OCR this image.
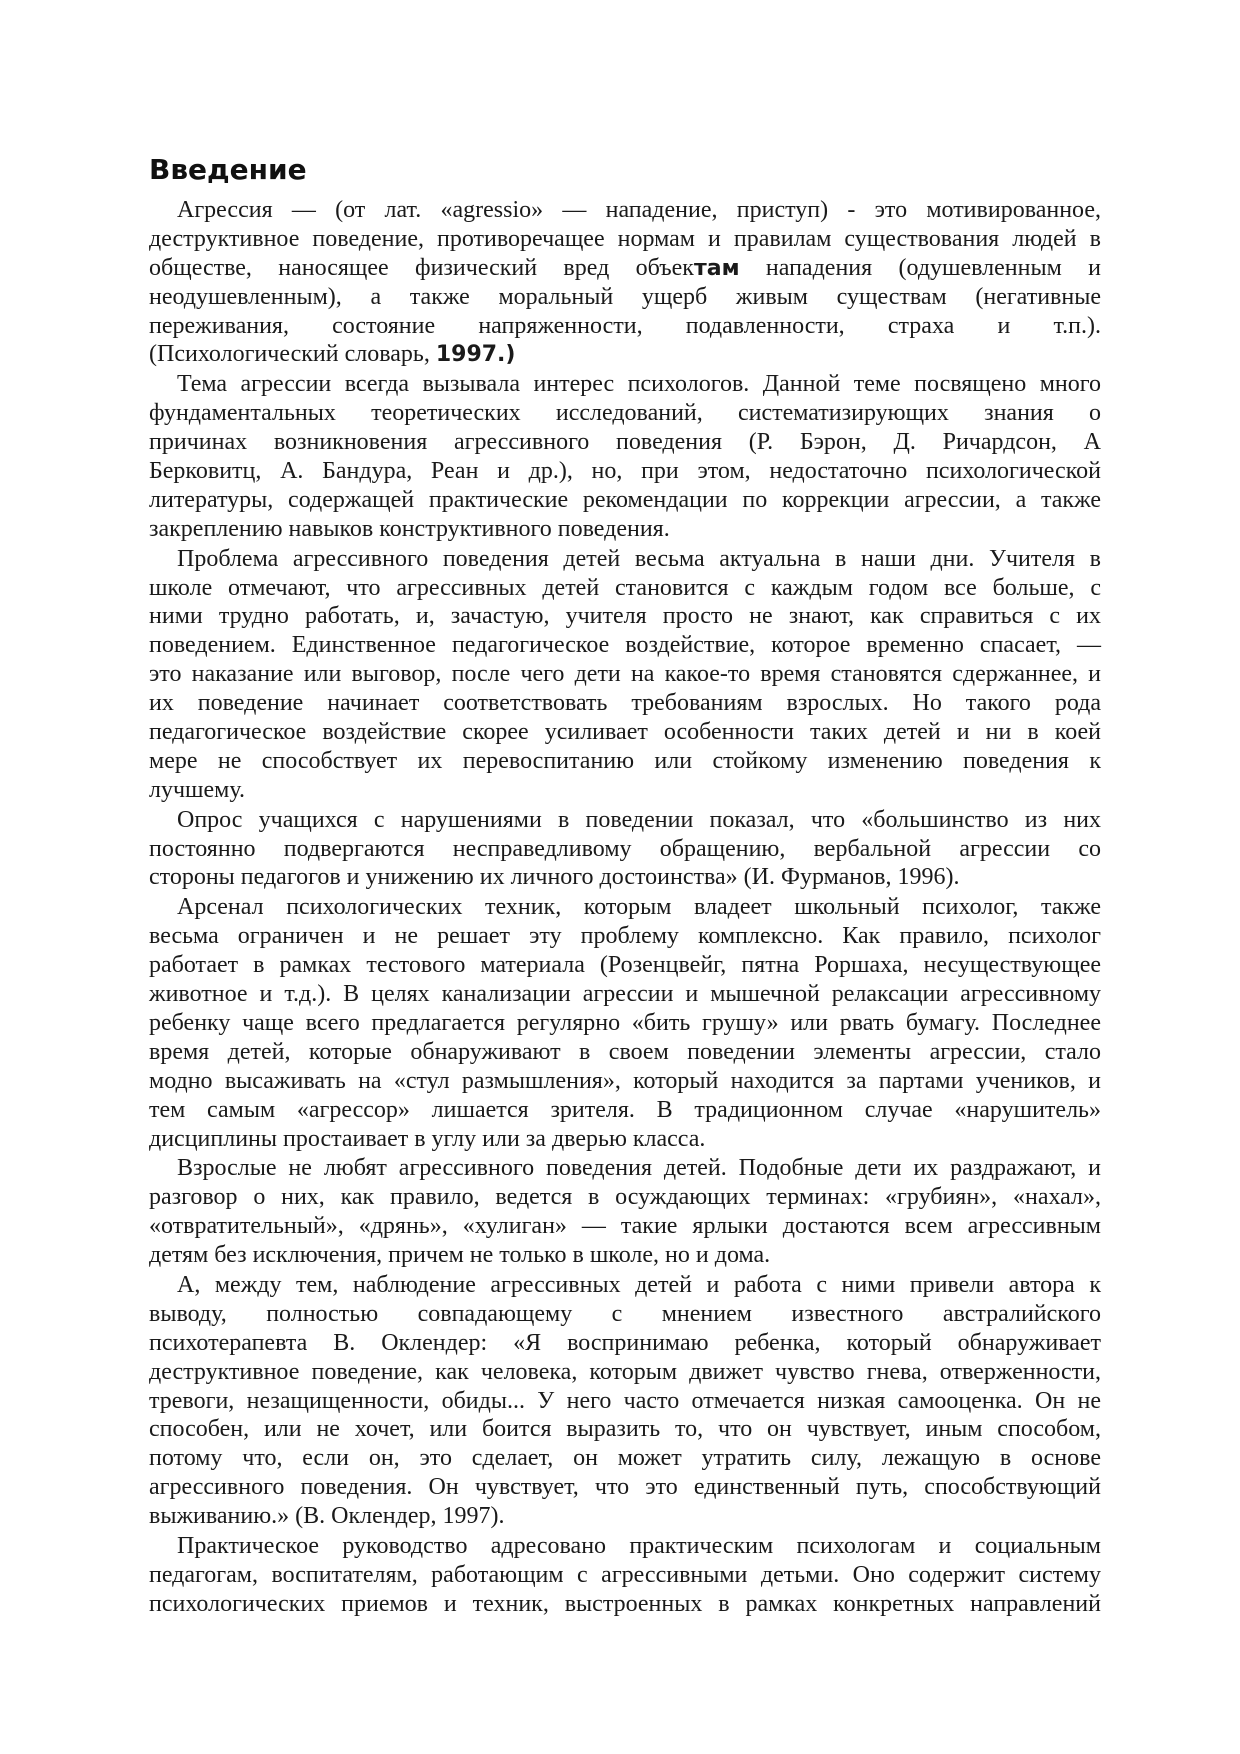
Введение
Агрессия — (от лат. «agressio» — нападение, приступ) - это мотивированное,
деструктивное поведение, противоречащее нормам и правилам существования людей в
обществе, наносящее физический вред объектам нападения (одушевленным и
неодушевленным), а также моральный ущерб живым существам (негативные
переживания, состояние напряженности, подавленности, страха и т.п.).
(Психологический словарь, 1997.)
Тема агрессии всегда вызывала интерес психологов. Данной теме посвящено много
фундаментальных теоретических исследований, систематизирующих знания о
причинах возникновения агрессивного поведения (Р. Бэрон, Д. Ричардсон, А
Берковитц, А. Бандура, Реан и др.), но, при этом, недостаточно психологической
литературы, содержащей практические рекомендации по коррекции агрессии, а также
закреплению навыков конструктивного поведения.
Проблема агрессивного поведения детей весьма актуальна в наши дни. Учителя в
школе отмечают, что агрессивных детей становится с каждым годом все больше, с
ними трудно работать, и, зачастую, учителя просто не знают, как справиться с их
поведением. Единственное педагогическое воздействие, которое временно спасает, —
это наказание или выговор, после чего дети на какое-то время становятся сдержаннее, и
их поведение начинает соответствовать требованиям взрослых. Но такого рода
педагогическое воздействие скорее усиливает особенности таких детей и ни в коей
мере не способствует их перевоспитанию или стойкому изменению поведения к
лучшему.
Опрос учащихся с нарушениями в поведении показал, что «большинство из них
постоянно подвергаются несправедливому обращению, вербальной агрессии со
стороны педагогов и унижению их личного достоинства» (И. Фурманов, 1996).
Арсенал психологических техник, которым владеет школьный психолог, также
весьма ограничен и не решает эту проблему комплексно. Как правило, психолог
работает в рамках тестового материала (Розенцвейг, пятна Роршаха, несуществующее
животное и т.д.). В целях канализации агрессии и мышечной релаксации агрессивному
ребенку чаще всего предлагается регулярно «бить грушу» или рвать бумагу. Последнее
время детей, которые обнаруживают в своем поведении элементы агрессии, стало
модно высаживать на «стул размышления», который находится за партами учеников, и
тем самым «агрессор» лишается зрителя. В традиционном случае «нарушитель»
дисциплины простаивает в углу или за дверью класса.
Взрослые не любят агрессивного поведения детей. Подобные дети их раздражают, и
разговор о них, как правило, ведется в осуждающих терминах: «грубиян», «нахал»,
«отвратительный», «дрянь», «хулиган» — такие ярлыки достаются всем агрессивным
детям без исключения, причем не только в школе, но и дома.
А, между тем, наблюдение агрессивных детей и работа с ними привели автора к
выводу, полностью совпадающему с мнением известного австралийского
психотерапевта В. Оклендер: «Я воспринимаю ребенка, который обнаруживает
деструктивное поведение, как человека, которым движет чувство гнева, отверженности,
тревоги, незащищенности, обиды... У него часто отмечается низкая самооценка. Он не
способен, или не хочет, или боится выразить то, что он чувствует, иным способом,
потому что, если он, это сделает, он может утратить силу, лежащую в основе
агрессивного поведения. Он чувствует, что это единственный путь, способствующий
выживанию.» (В. Оклендер, 1997).
Практическое руководство адресовано практическим психологам и социальным
педагогам, воспитателям, работающим с агрессивными детьми. Оно содержит систему
психологических приемов и техник, выстроенных в рамках конкретных направлений
